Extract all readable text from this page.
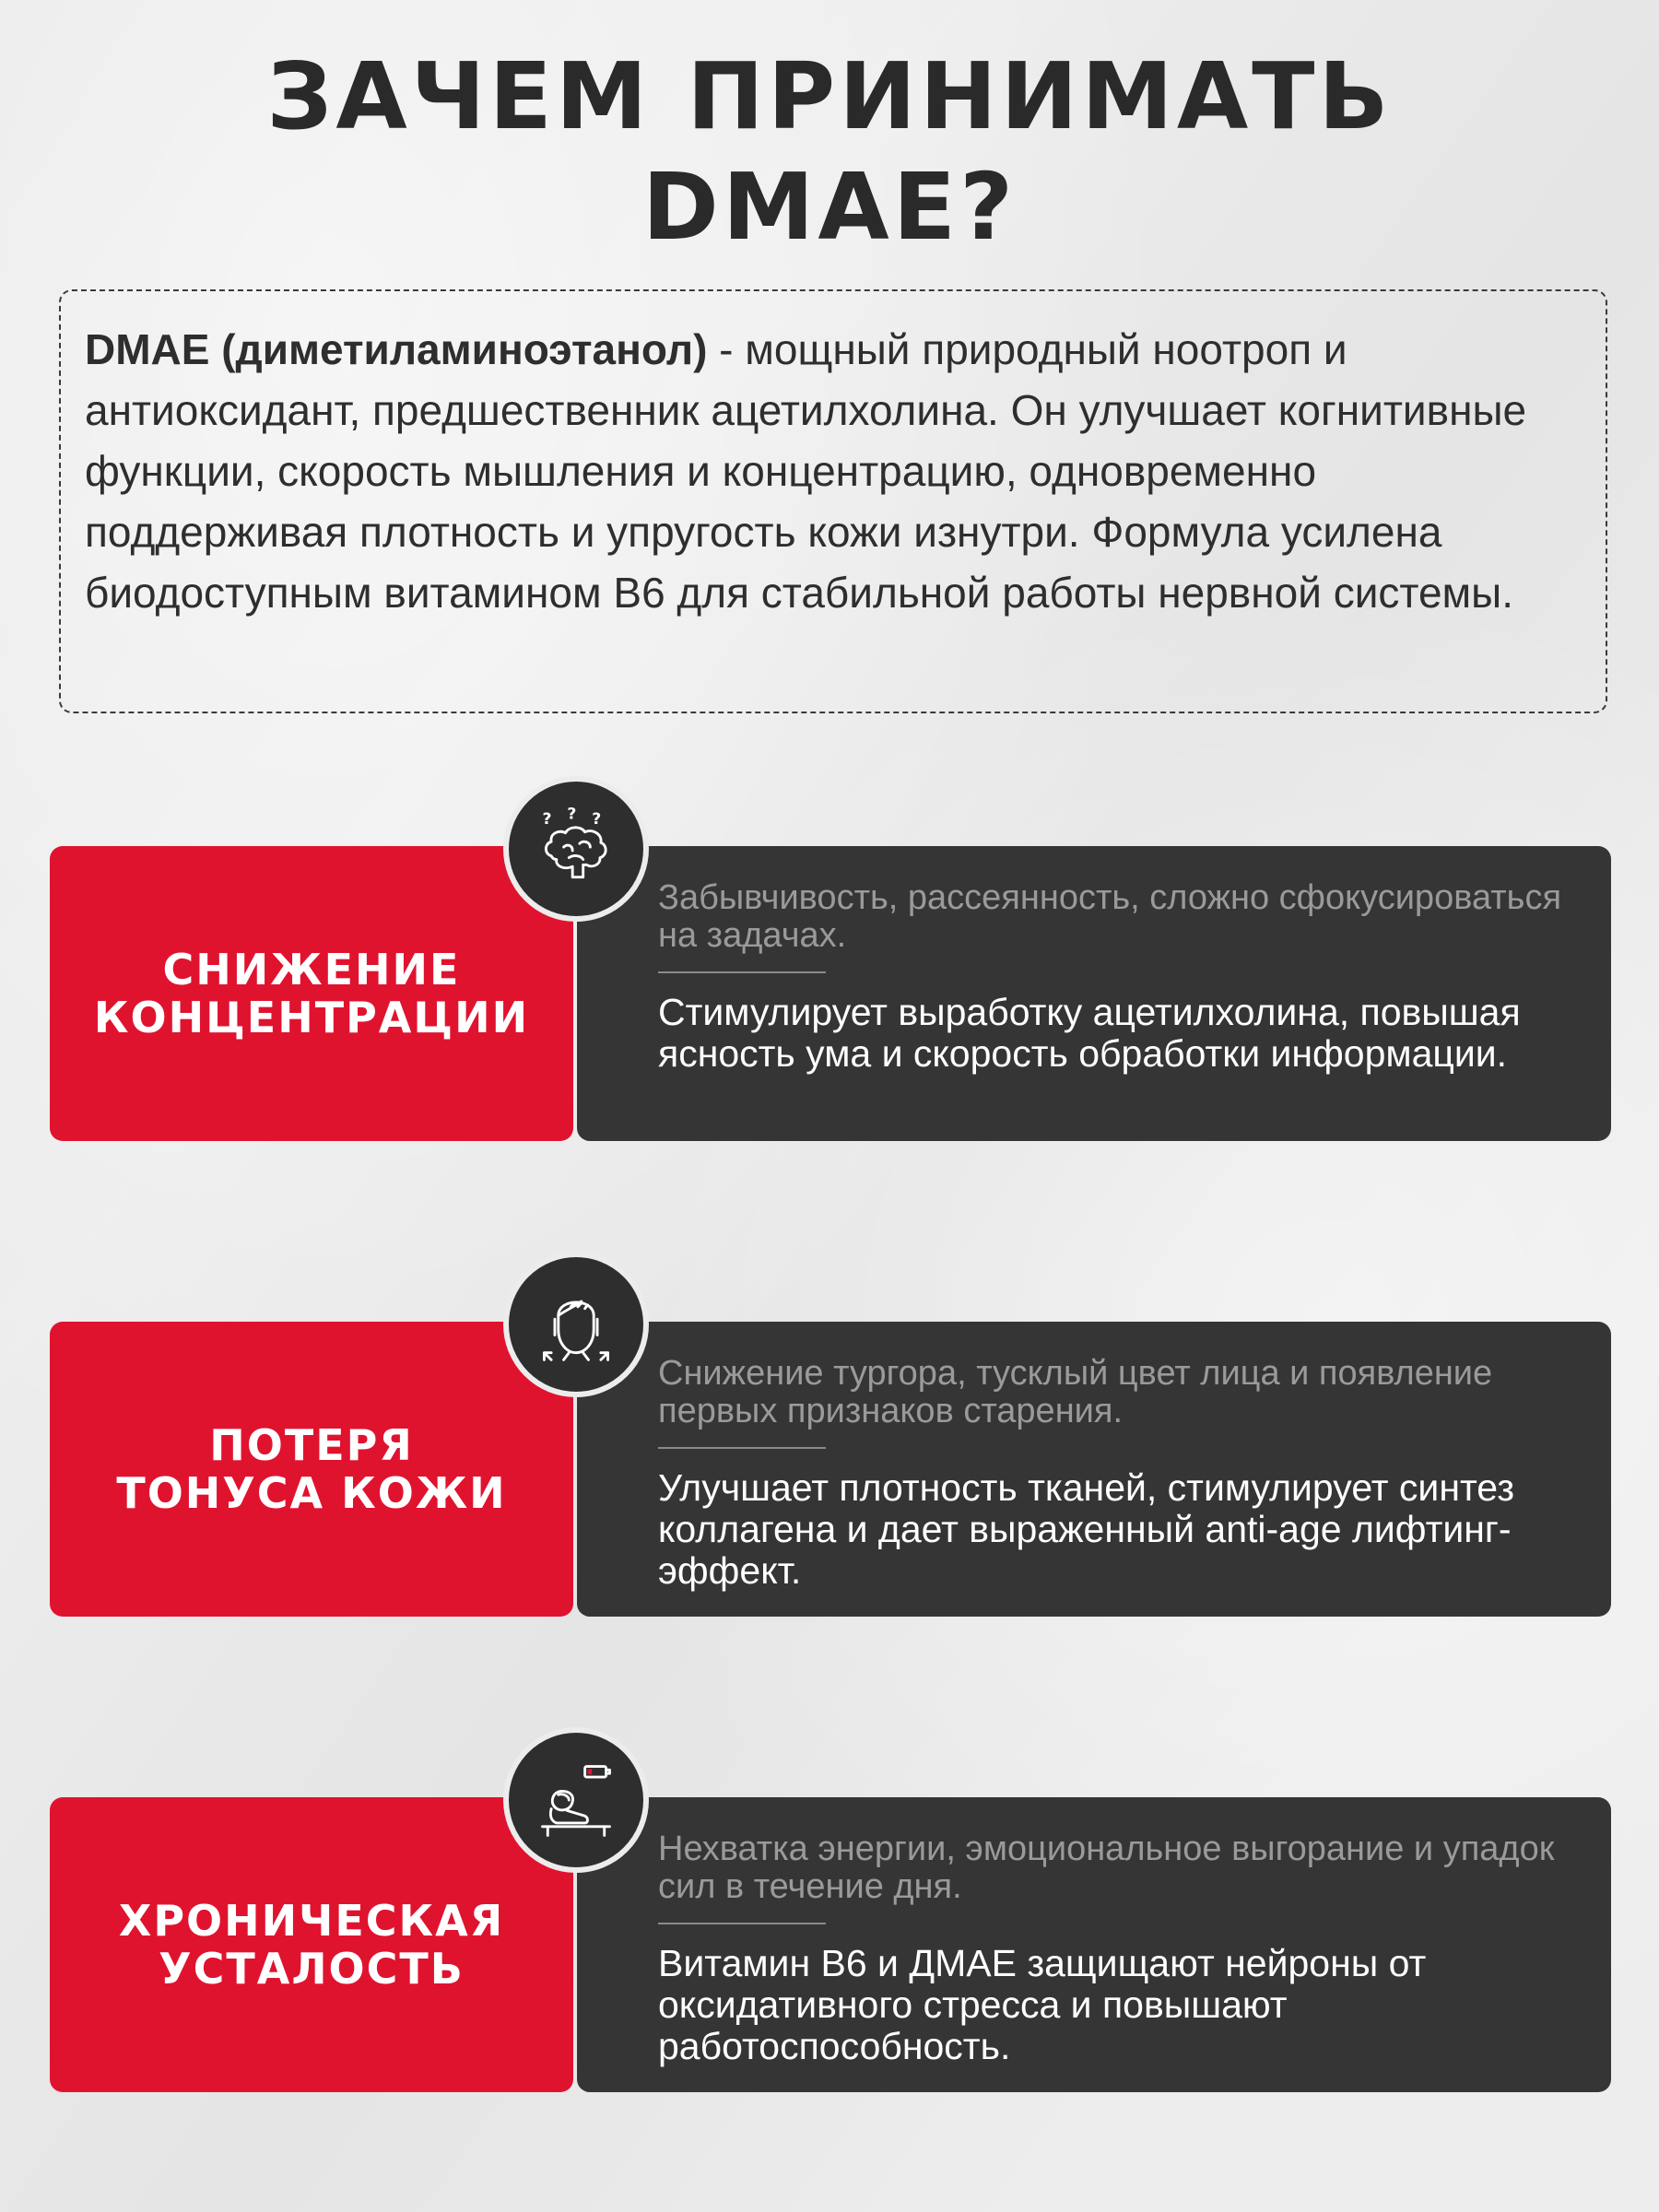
ЗАЧЕМ ПРИНИМАТЬ
DMAE?

DMAE (диметиламиноэтанол) - мощный природный ноотроп и антиоксидант, предшественник ацетилхолина. Он улучшает когнитивные функции, скорость мышления и концентрацию, одновременно поддерживая плотность и упругость кожи изнутри. Формула усилена биодоступным витамином B6 для стабильной работы нервной системы.

СНИЖЕНИЕ
КОНЦЕНТРАЦИИ

Забывчивость, рассеянность, сложно сфокусироваться на задачах.

Стимулирует выработку ацетилхолина, повышая ясность ума и скорость обработки информации.

? ? ?
ПОТЕРЯ
ТОНУСА КОЖИ

Снижение тургора, тусклый цвет лица и появление первых признаков старения.

Улучшает плотность тканей, стимулирует синтез коллагена и дает выраженный anti-age лифтинг-эффект.

ХРОНИЧЕСКАЯ
УСТАЛОСТЬ

Нехватка энергии, эмоциональное выгорание и упадок сил в течение дня.

Витамин B6 и ДМАЕ защищают нейроны от оксидативного стресса и повышают работоспособность.
